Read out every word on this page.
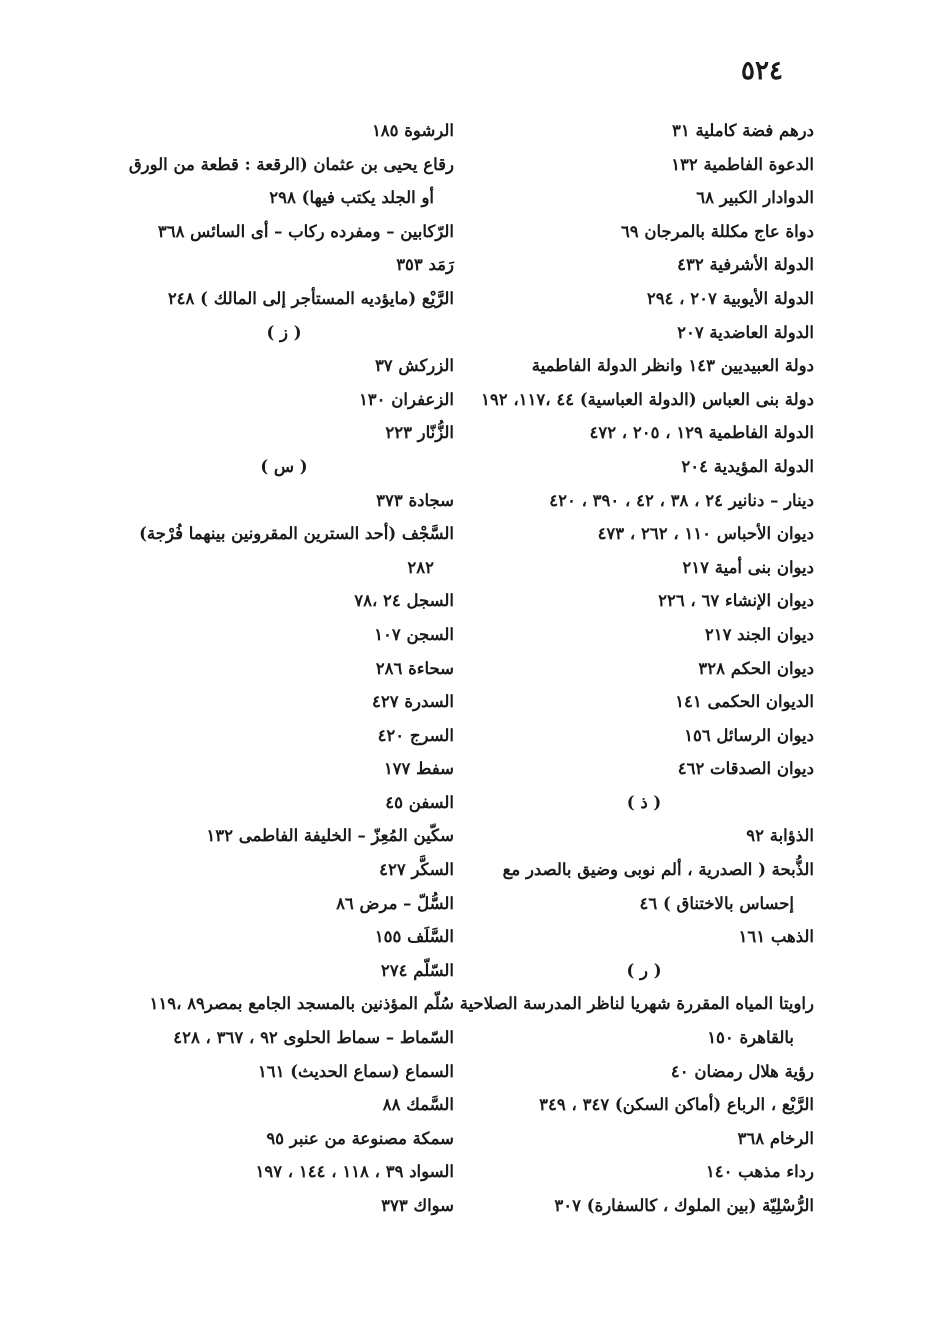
٥٢٤
درهم فضة كاملية ٣١
الدعوة الفاطمية ١٣٢
الدوادار الكبير ٦٨
دواة عاج مكللة بالمرجان ٦٩
الدولة الأشرفية ٤٣٢
الدولة الأيوبية ٢٠٧ ، ٢٩٤
الدولة العاضدية ٢٠٧
دولة العبيديين ١٤٣ وانظر الدولة الفاطمية
دولة بنى العباس (الدولة العباسية) ٤٤ ،١١٧، ١٩٢
الدولة الفاطمية ١٢٩ ، ٢٠٥ ، ٤٧٢
الدولة المؤيدية ٢٠٤
دينار – دنانير ٢٤ ، ٣٨ ، ٤٢ ، ٣٩٠ ، ٤٢٠
ديوان الأحباس ١١٠ ، ٢٦٢ ، ٤٧٣
ديوان بنى أمية ٢١٧
ديوان الإنشاء ٦٧ ، ٢٢٦
ديوان الجند ٢١٧
ديوان الحكم ٣٢٨
الديوان الحكمى ١٤١
ديوان الرسائل ١٥٦
ديوان الصدقات ٤٦٢
( ذ )
الذؤابة ٩٢
الذُّبحة ( الصدرية ، ألم نوبى وضيق بالصدر مع
إحساس بالاختناق ) ٤٦
الذهب ١٦١
( ر )
راويتا المياه المقررة شهريا لناظر المدرسة الصلاحية
بالقاهرة ١٥٠
رؤية هلال رمضان ٤٠
الرَّبْع ، الرباع (أماكن السكن) ٣٤٧ ، ٣٤٩
الرخام ٣٦٨
رداء مذهب ١٤٠
الرُّسْلِيّة (بين الملوك ، كالسفارة) ٣٠٧
الرشوة ١٨٥
رقاع يحيى بن عثمان (الرقعة : قطعة من الورق
أو الجلد يكتب فيها) ٢٩٨
الرّكابين – ومفرده ركاب – أى السائس ٣٦٨
رَمَد ٣٥٣
الرَّيْع (مايؤديه المستأجر إلى المالك ) ٢٤٨
( ز )
الزركش ٣٧
الزعفران ١٣٠
الزُّنّار ٢٢٣
( س )
سجادة ٣٧٣
السَّجْف (أحد السترين المقرونين بينهما فُرْجة)
٢٨٢
السجل ٢٤ ،٧٨
السجن ١٠٧
سحاءة ٢٨٦
السدرة ٤٢٧
السرج ٤٢٠
سفط ١٧٧
السفن ٤٥
سكّين المُعِزّ – الخليفة الفاطمى ١٣٢
السكَّر ٤٢٧
السُّلّ – مرض ٨٦
السَّلَف ١٥٥
السّلّم ٢٧٤
سُلّم المؤذنين بالمسجد الجامع بمصر٨٩ ،١١٩
السّماط – سماط الحلوى ٩٢ ، ٣٦٧ ، ٤٢٨
السماع (سماع الحديث) ١٦١
السَّمك ٨٨
سمكة مصنوعة من عنبر ٩٥
السواد ٣٩ ، ١١٨ ، ١٤٤ ، ١٩٧
سواك ٣٧٣
